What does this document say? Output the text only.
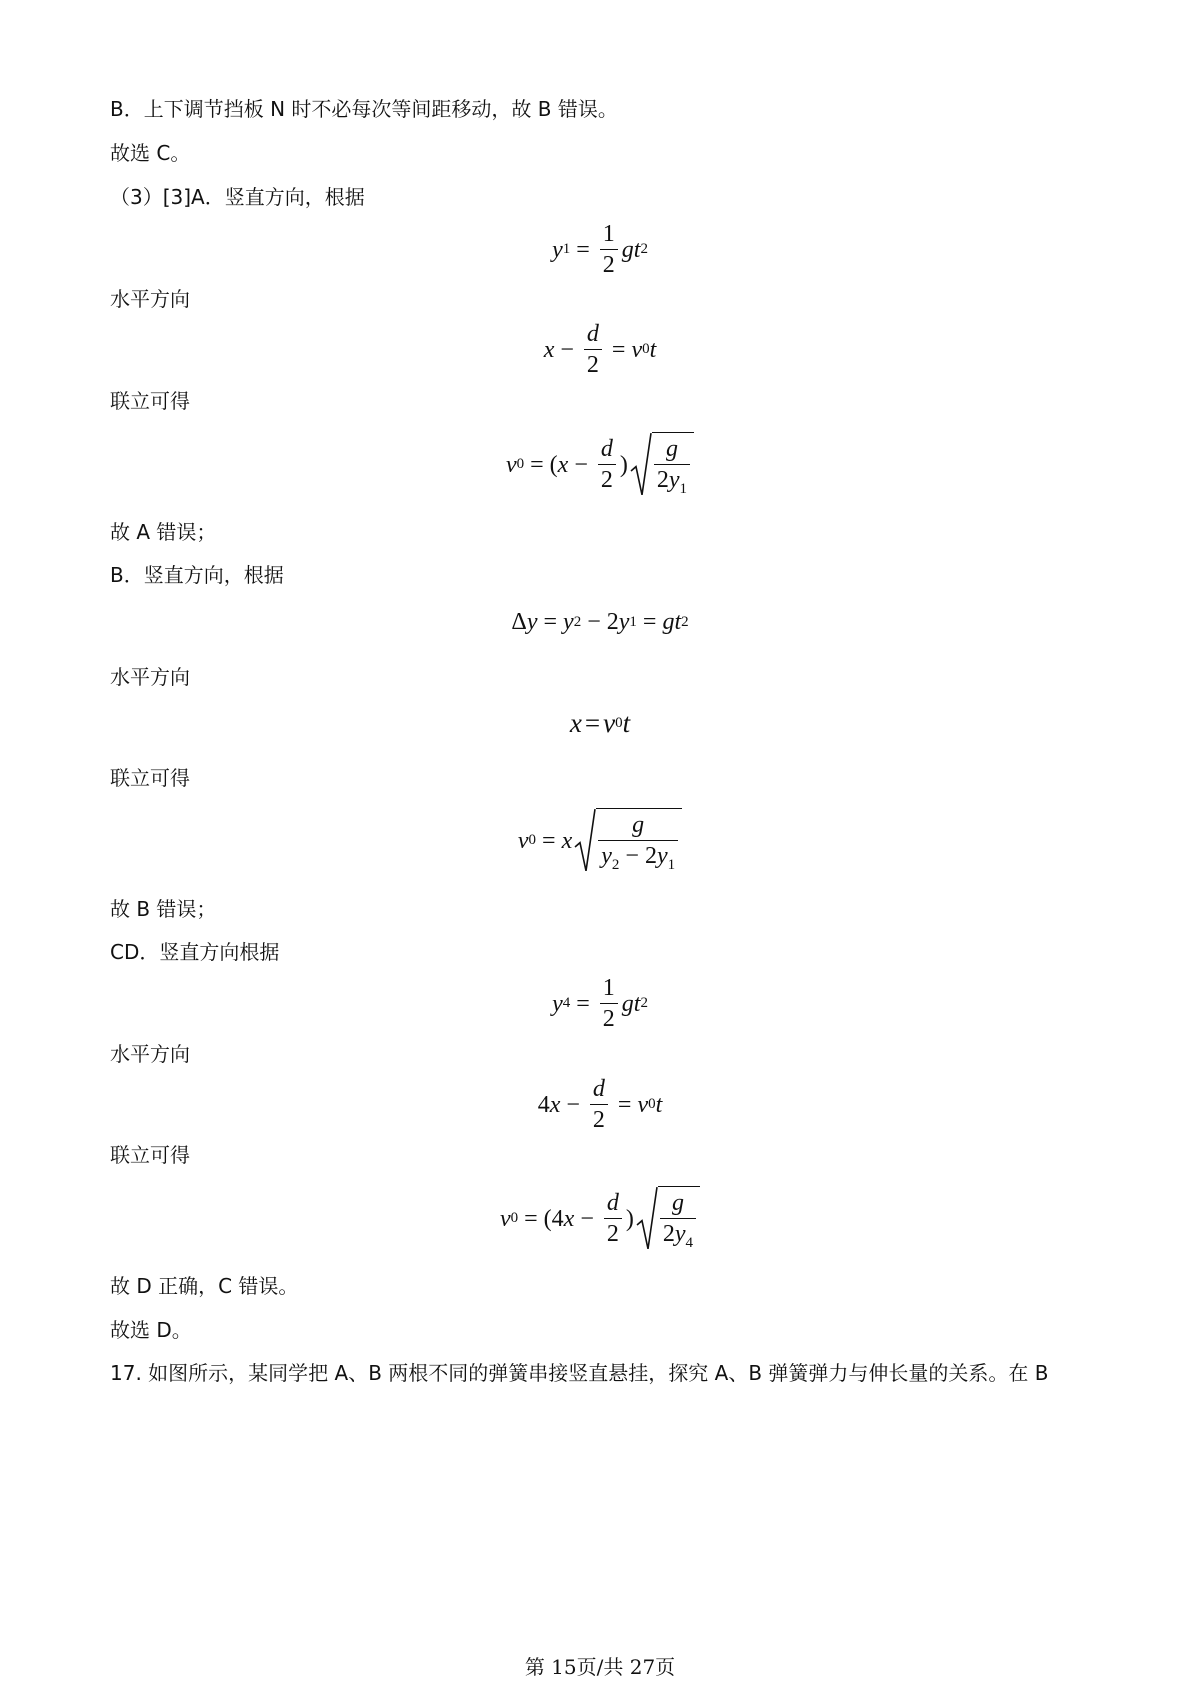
B．上下调节挡板 N 时不必每次等间距移动，故 B 错误。
故选 C。
（3）[3]A．竖直方向，根据
y $1 = \frac{1}{2}$ gt 2
水平方向
$x - \frac{d}{2} = v$ 0 t
联立可得
v 0 = ( $x - \frac{d}{2}$ ) $\frac{g}{2y_1}$
故 A 错误；
B．竖直方向，根据
Δ y = y 2 − 2 y 1 = gt 2
水平方向
x = v 0 t
联立可得
v 0 = x $\frac{g}{y_2 - 2y_1}$
故 B 错误；
CD．竖直方向根据
y $4 = \frac{1}{2}$ gt 2
水平方向
4 $x - \frac{d}{2} = v$ 0 t
联立可得
v 0 = (4 $x - \frac{d}{2}$ ) $\frac{g}{2y_4}$
故 D 正确，C 错误。
故选 D。
17. 如图所示，某同学把 A、B 两根不同的弹簧串接竖直悬挂，探究 A、B 弹簧弹力与伸长量的关系。在 B
第 15页/共 27页
